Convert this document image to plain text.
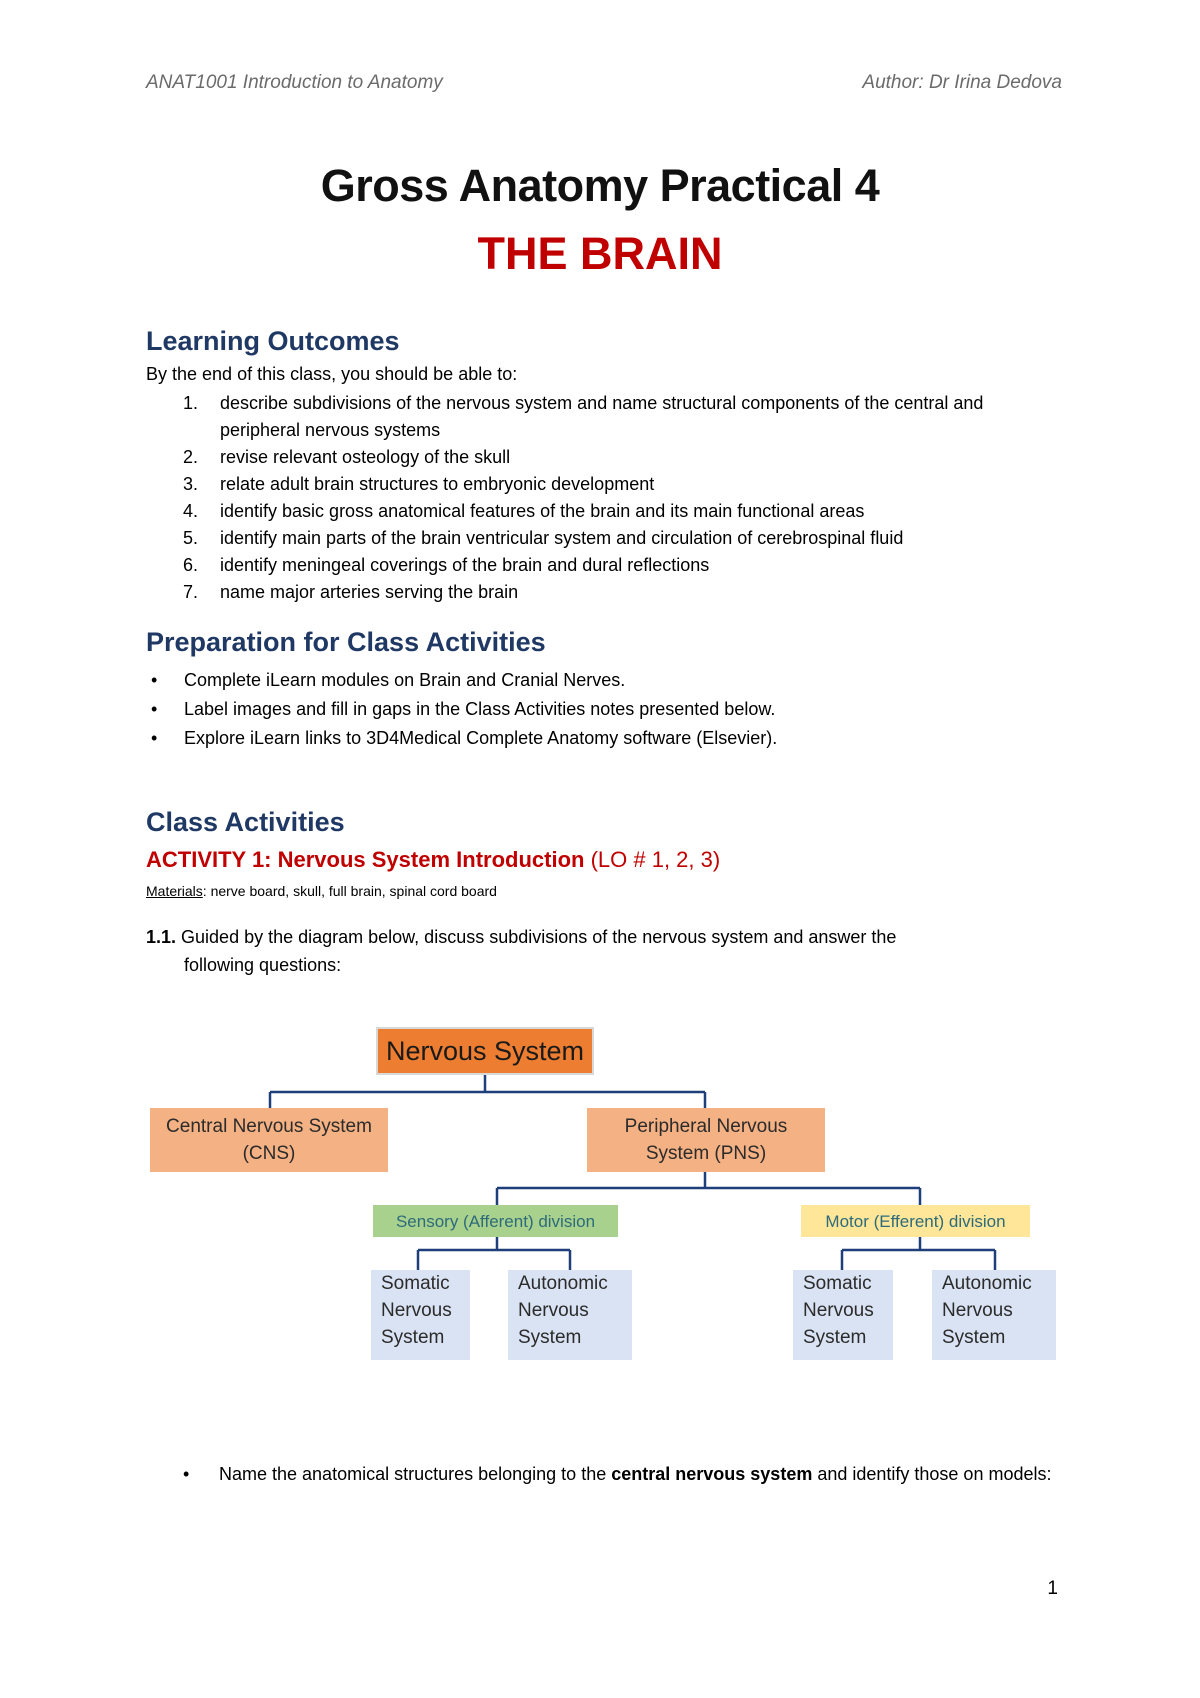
ANAT1001 Introduction to Anatomy	Author: Dr Irina Dedova
Gross Anatomy Practical 4
THE BRAIN
Learning Outcomes
By the end of this class, you should be able to:
1. describe subdivisions of the nervous system and name structural components of the central and peripheral nervous systems
2. revise relevant osteology of the skull
3. relate adult brain structures to embryonic development
4. identify basic gross anatomical features of the brain and its main functional areas
5. identify main parts of the brain ventricular system and circulation of cerebrospinal fluid
6. identify meningeal coverings of the brain and dural reflections
7. name major arteries serving the brain
Preparation for Class Activities
• Complete iLearn modules on Brain and Cranial Nerves.
• Label images and fill in gaps in the Class Activities notes presented below.
• Explore iLearn links to 3D4Medical Complete Anatomy software (Elsevier).
Class Activities
ACTIVITY 1: Nervous System Introduction (LO # 1, 2, 3)
Materials: nerve board, skull, full brain, spinal cord board
1.1. Guided by the diagram below, discuss subdivisions of the nervous system and answer the
following questions:
Nervous System
Central Nervous System
(CNS)
Peripheral Nervous
System (PNS)
Sensory (Afferent) division	Motor (Efferent) division
Somatic
Nervous
System
Autonomic
Nervous
System
Somatic
Nervous
System
Autonomic
Nervous
System
•	Name the anatomical structures belonging to the central nervous system and identify those on models:
1
